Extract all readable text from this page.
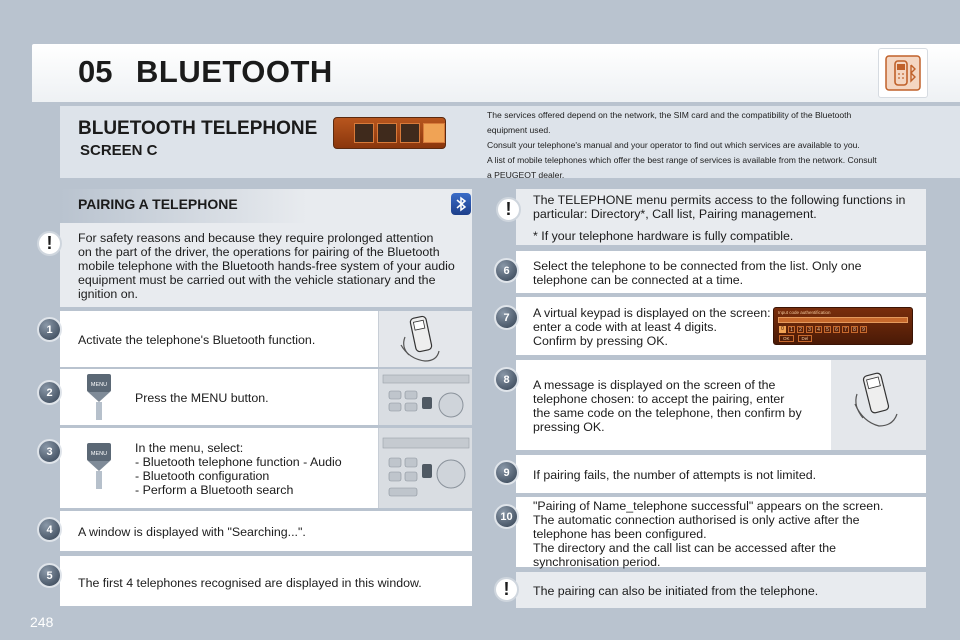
05 BLUETOOTH
BLUETOOTH TELEPHONE
SCREEN C
The services offered depend on the network, the SIM card and the compatibility of the Bluetooth
equipment used.
Consult your telephone's manual and your operator to find out which services are available to you.
A list of mobile telephones which offer the best range of services is available from the network. Consult
a PEUGEOT dealer.
PAIRING A TELEPHONE
!	For safety reasons and because they require prolonged attention
on the part of the driver, the operations for pairing of the Bluetooth
mobile telephone with the Bluetooth hands-free system of your audio
equipment must be carried out with the vehicle stationary and the
ignition on.
1
Activate the telephone's Bluetooth function.
2
MENU
Press the MENU button.
3	MENU In the menu, select:
- Bluetooth telephone function - Audio
- Bluetooth configuration
- Perform a Bluetooth search
4	A window is displayed with "Searching...".
5
The first 4 telephones recognised are displayed in this window.
248
!	The TELEPHONE menu permits access to the following functions in
particular: Directory*, Call list, Pairing management.
* If your telephone hardware is fully compatible.
6	Select the telephone to be connected from the list. Only one
telephone can be connected at a time.
7	A virtual keypad is displayed on the screen:
enter a code with at least 4 digits.
Confirm by pressing OK.
Input code authentification
0	1	2	3	4	5	6	7	8	9
OK	Del
8	A message is displayed on the screen of the
telephone chosen: to accept the pairing, enter
the same code on the telephone, then confirm by
pressing OK.
9	If pairing fails, the number of attempts is not limited.
10
"Pairing of Name_telephone successful" appears on the screen.
The automatic connection authorised is only active after the
telephone has been configured.
The directory and the call list can be accessed after the
synchronisation period.
!	The pairing can also be initiated from the telephone.
